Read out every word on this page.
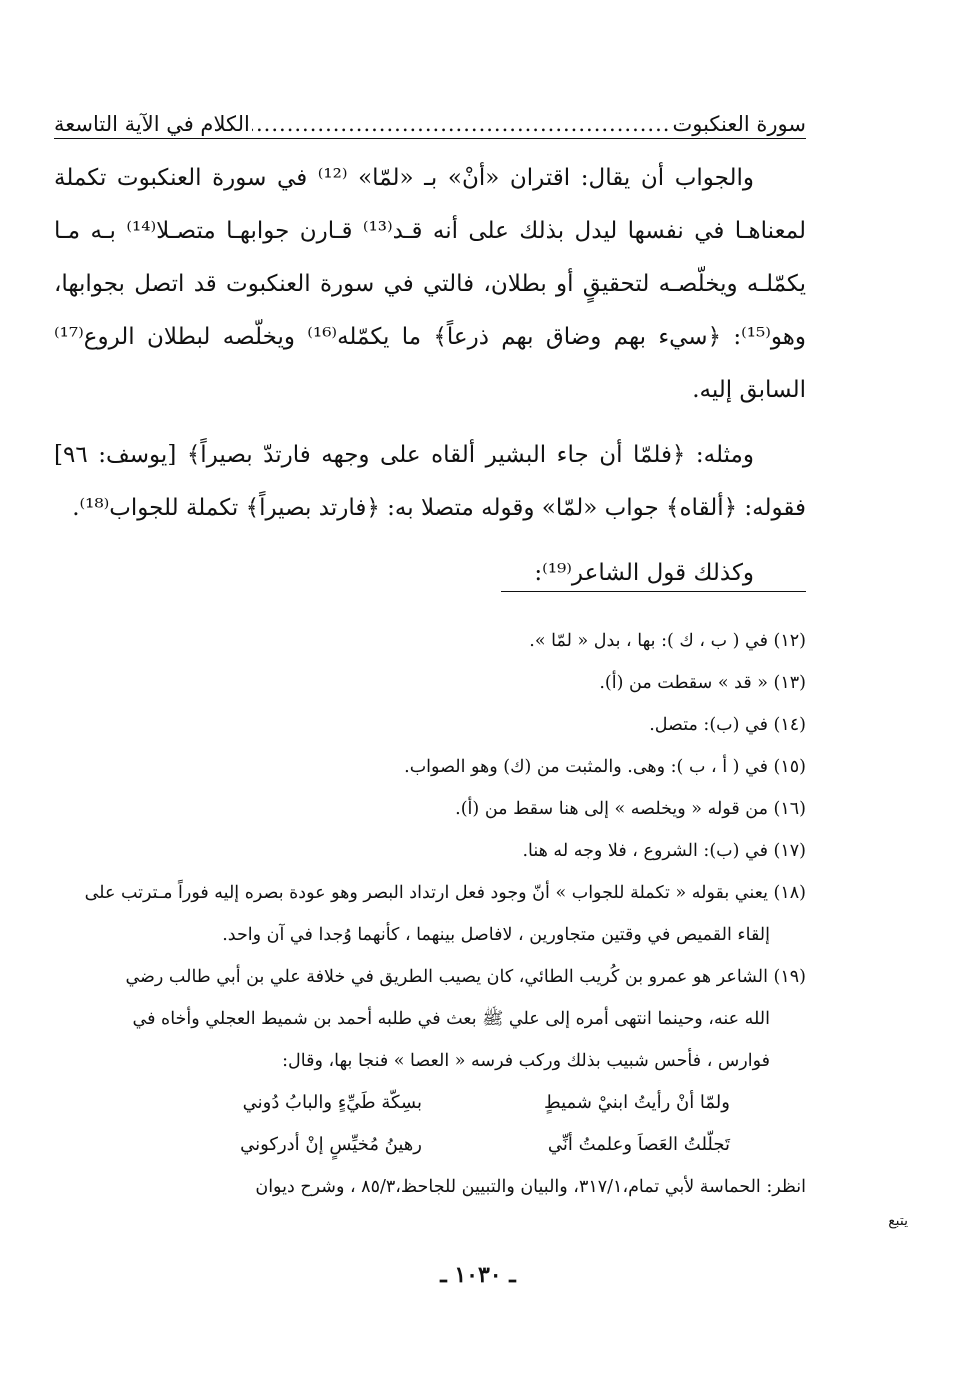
سورة العنكبوت
.....
الكلام في الآية التاسعة

والجواب أن يقال: اقتران «أنْ» بـ «لمّا» ⁽¹²⁾ في سورة العنكبوت تكملة لمعناهـا في نفسها ليدل بذلك على أنه قـد⁽¹³⁾ قـارن جوابهـا متصـلا⁽¹⁴⁾ بـه مـا يكمّلـه ويخلّصـه لتحقيقٍ أو بطلان، فالتي في سورة العنكبوت قد اتصل بجوابها، وهو⁽¹⁵⁾: ﴿سيء بهم وضاق بهم ذرعاً﴾ ما يكمّله⁽¹⁶⁾ ويخلّصه لبطلان الروع⁽¹⁷⁾ السابق إليه.

ومثله: ﴿فلمّا أن جاء البشير ألقاه على وجهه فارتدّ بصيراً﴾ [يوسف: ٩٦] فقوله: ﴿ألقاه﴾ جواب «لمّا» وقوله متصلا به: ﴿فارتد بصيراً﴾ تكملة للجواب⁽¹⁸⁾.

وكذلك قول الشاعر⁽¹⁹⁾:

(١٢) في ( ب ، ك ): بها ، بدل « لمّا ».

(١٣) « قد » سقطت من (أ).

(١٤) في (ب): متصل.

(١٥) في ( أ ، ب ): وهى. والمثبت من (ك) وهو الصواب.

(١٦) من قوله « ويخلصه » إلى هنا سقط من (أ).

(١٧) في (ب): الشروع ، فلا وجه له هنا.

(١٨) يعني بقوله « تكملة للجواب » أنّ وجود فعل ارتداد البصر وهو عودة بصره إليه فوراً مـترتب على
إلقاء القميص في وقتين متجاورين ، لافاصل بينهما ، كأنهما وُجدا في آن واحد.

(١٩) الشاعر هو عمرو بن كُريب الطائي، كان يصيب الطريق في خلافة علي بن أبي طالب رضي
الله عنه، وحينما انتهى أمره إلى علي ﷺ بعث في طلبه أحمد بن شميط العجلي وأخاه في
فوارس ، فأحس شبيب بذلك وركب فرسه « العصا » فنجا بها، وقال:

ولمّا أنْ رأيتُ ابنيْ شميطٍ
بسِكّة طَيِّءٍ والبابُ دُوني
تَجلّلتُ العَصاَ وعلمتُ أنِّي
رهينُ مُخيِّسٍ إنْ أدركوني

انظر: الحماسة لأبي تمام،٣١٧/١، والبيان والتبيين للجاحظ،٨٥/٣ ، وشرح ديوان

يتبع
ـ ١٠٣٠ ـ
